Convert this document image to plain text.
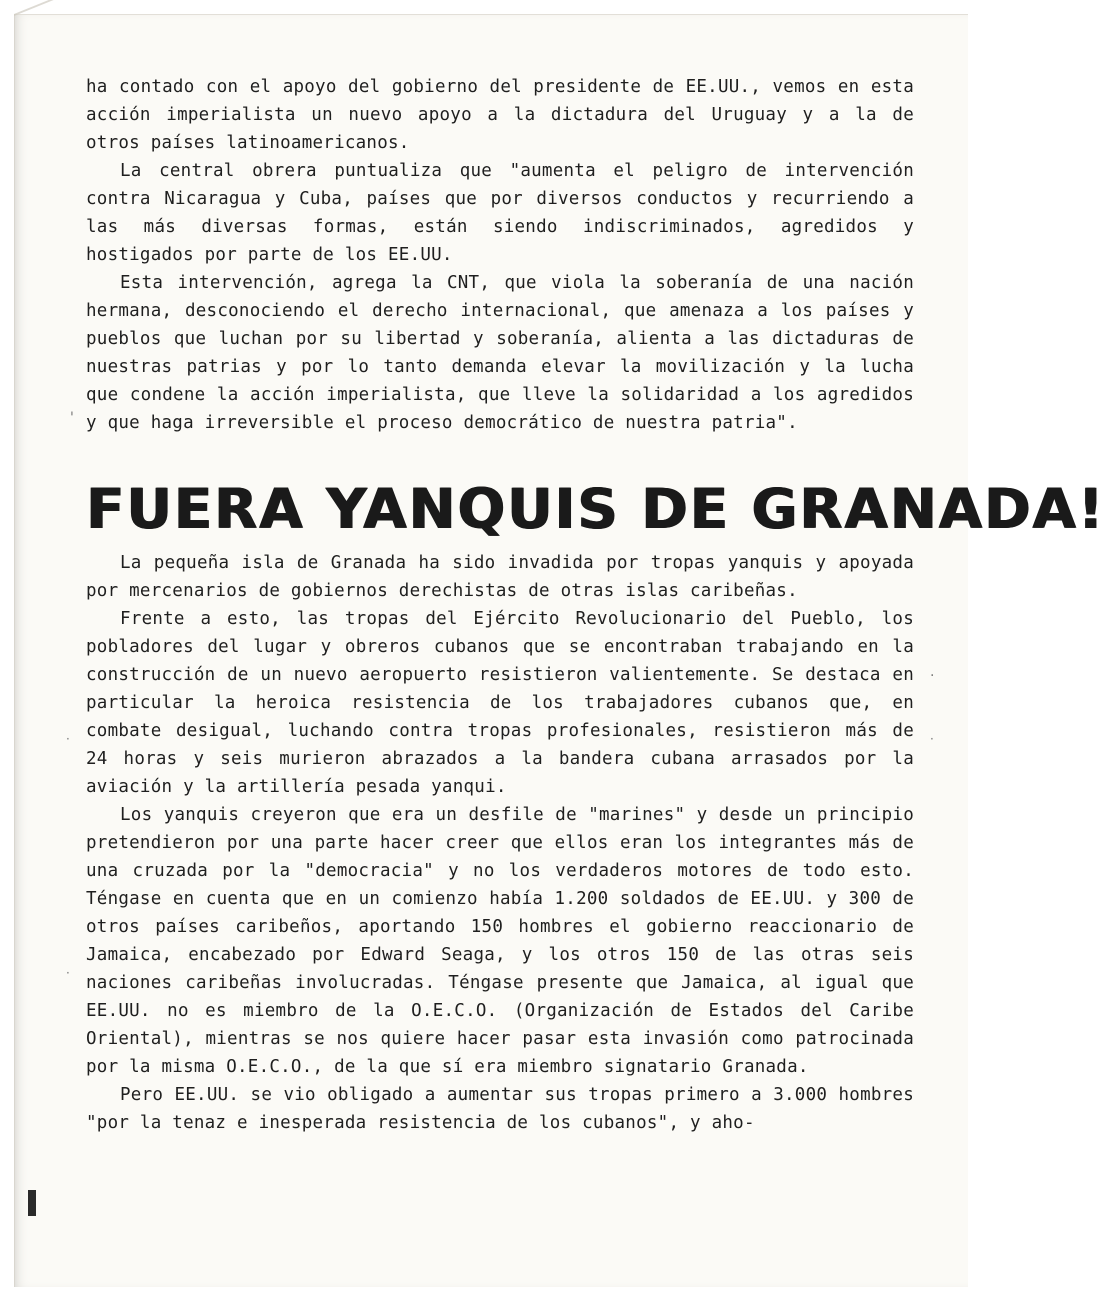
ha contado con el apoyo del gobierno del presidente de EE.UU., vemos en esta acción imperialista un nuevo apoyo a la dictadura del Uruguay y a la de otros países latinoamericanos.

La central obrera puntualiza que "aumenta el peligro de intervención contra Nicaragua y Cuba, países que por diversos conductos y recurriendo a las más diversas formas, están siendo indiscriminados, agredidos y hostigados por parte de los EE.UU.

Esta intervención, agrega la CNT, que viola la soberanía de una nación hermana, desconociendo el derecho internacional, que amenaza a los países y pueblos que luchan por su libertad y soberanía, alienta a las dictaduras de nuestras patrias y por lo tanto demanda elevar la movilización y la lucha que condene la acción imperialista, que lleve la solidaridad a los agredidos y que haga irreversible el proceso democrático de nuestra patria".

FUERA YANQUIS DE GRANADA!

La pequeña isla de Granada ha sido invadida por tropas yanquis y apoyada por mercenarios de gobiernos derechistas de otras islas caribeñas.

Frente a esto, las tropas del Ejército Revolucionario del Pueblo, los pobladores del lugar y obreros cubanos que se encontraban trabajando en la construcción de un nuevo aeropuerto resistieron valientemente. Se destaca en particular la heroica resistencia de los trabajadores cubanos que, en combate desigual, luchando contra tropas profesionales, resistieron más de 24 horas y seis murieron abrazados a la bandera cubana arrasados por la aviación y la artillería pesada yanqui.

Los yanquis creyeron que era un desfile de "marines" y desde un principio pretendieron por una parte hacer creer que ellos eran los integrantes más de una cruzada por la "democracia" y no los verdaderos motores de todo esto. Téngase en cuenta que en un comienzo había 1.200 soldados de EE.UU. y 300 de otros países caribeños, aportando 150 hombres el gobierno reaccionario de Jamaica, encabezado por Edward Seaga, y los otros 150 de las otras seis naciones caribeñas involucradas. Téngase presente que Jamaica, al igual que EE.UU. no es miembro de la O.E.C.O. (Organización de Estados del Caribe Oriental), mientras se nos quiere hacer pasar esta invasión como patrocinada por la misma O.E.C.O., de la que sí era miembro signatario Granada.

Pero EE.UU. se vio obligado a aumentar sus tropas primero a 3.000 hombres "por la tenaz e inesperada resistencia de los cubanos", y aho-

'
·
·
·
·
